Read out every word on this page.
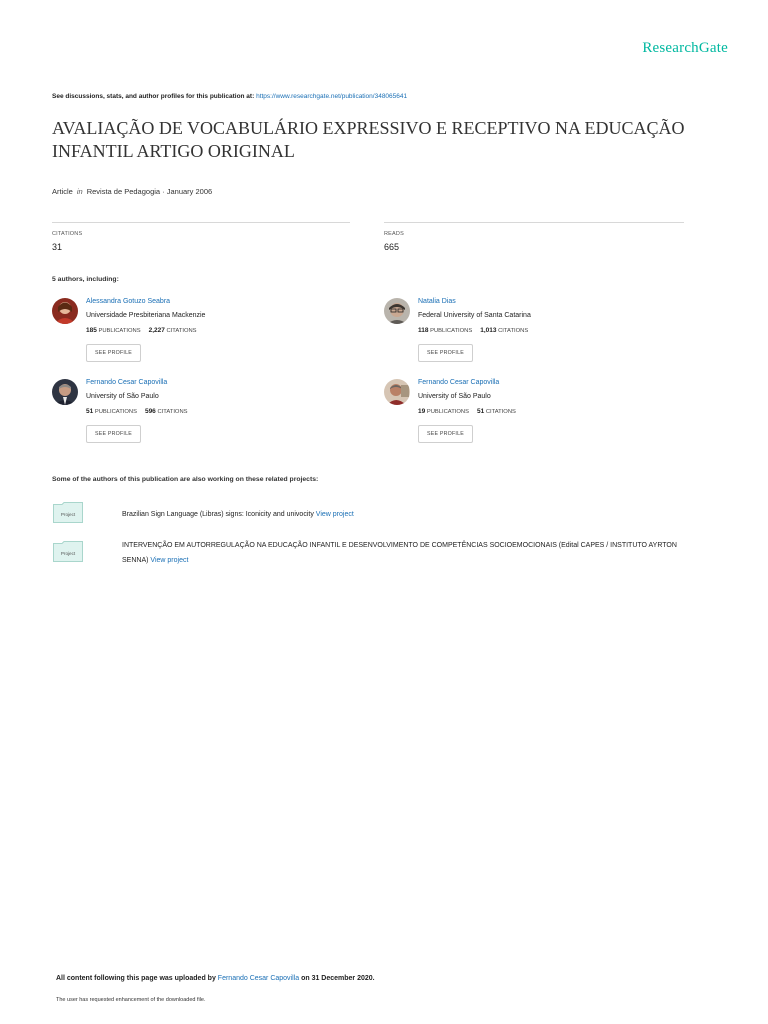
ResearchGate
See discussions, stats, and author profiles for this publication at: https://www.researchgate.net/publication/348065641
AVALIAÇÃO DE VOCABULÁRIO EXPRESSIVO E RECEPTIVO NA EDUCAÇÃO INFANTIL ARTIGO ORIGINAL
Article in Revista de Pedagogia · January 2006
CITATIONS
31
READS
665
5 authors, including:
Alessandra Gotuzo Seabra
Universidade Presbiteriana Mackenzie
185 PUBLICATIONS 2,227 CITATIONS
SEE PROFILE
Natalia Dias
Federal University of Santa Catarina
118 PUBLICATIONS 1,013 CITATIONS
SEE PROFILE
Fernando Cesar Capovilla
University of São Paulo
51 PUBLICATIONS 596 CITATIONS
SEE PROFILE
Fernando Cesar Capovilla
University of São Paulo
19 PUBLICATIONS 51 CITATIONS
SEE PROFILE
Some of the authors of this publication are also working on these related projects:
Project	Brazilian Sign Language (Libras) signs: Iconicity and univocity View project
Project
INTERVENÇÃO EM AUTORREGULAÇÃO NA EDUCAÇÃO INFANTIL E DESENVOLVIMENTO DE COMPETÊNCIAS SOCIOEMOCIONAIS (Edital CAPES / INSTITUTO AYRTON SENNA) View project
All content following this page was uploaded by Fernando Cesar Capovilla on 31 December 2020.
The user has requested enhancement of the downloaded file.
